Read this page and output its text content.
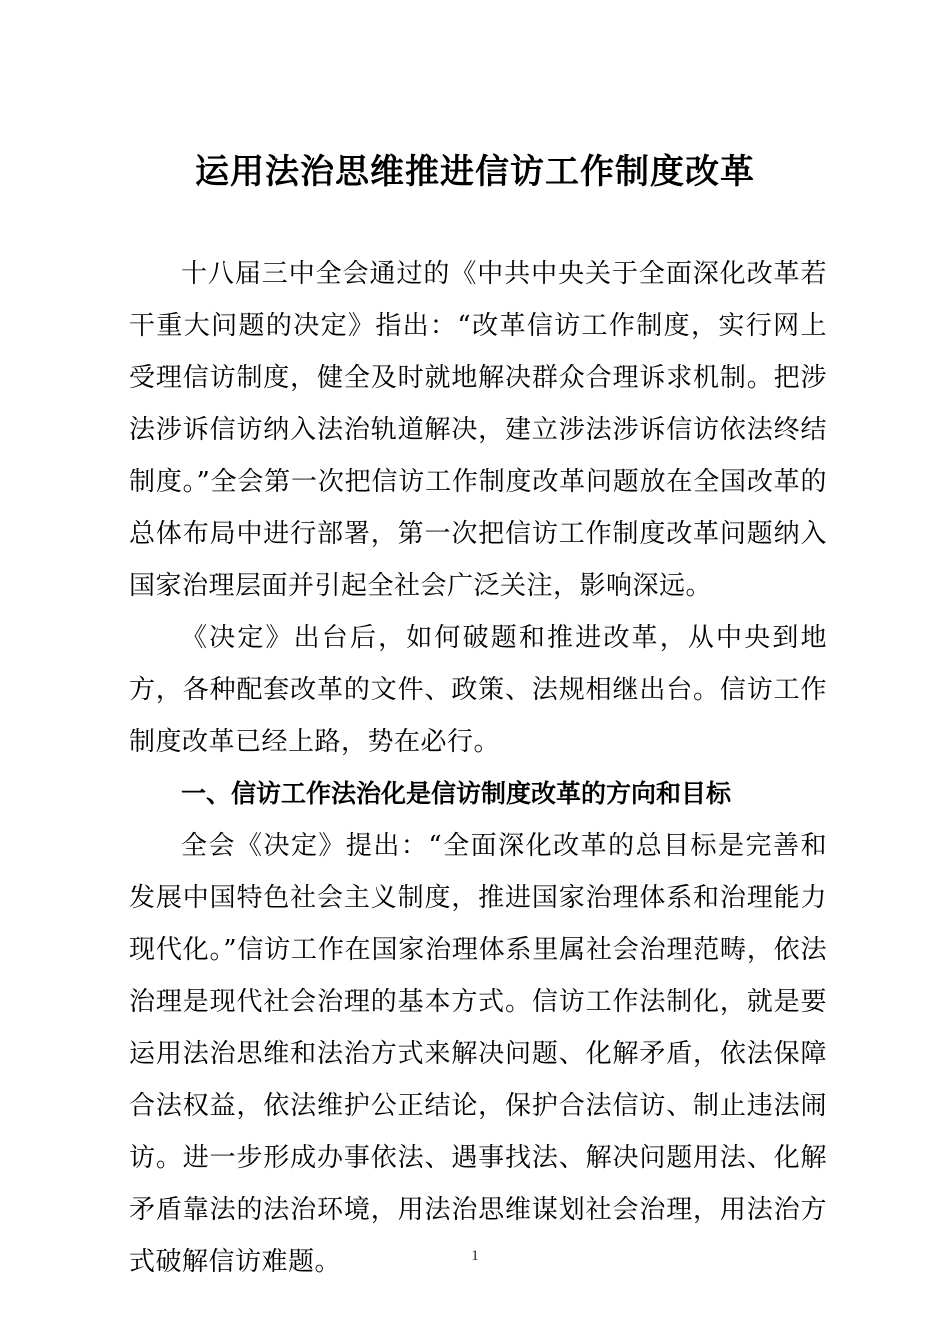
运用法治思维推进信访工作制度改革

十八届三中全会通过的《中共中央关于全面深化改革若干重大问题的决定》指出：“改革信访工作制度，实行网上受理信访制度，健全及时就地解决群众合理诉求机制。把涉法涉诉信访纳入法治轨道解决，建立涉法涉诉信访依法终结制度。”全会第一次把信访工作制度改革问题放在全国改革的总体布局中进行部署，第一次把信访工作制度改革问题纳入国家治理层面并引起全社会广泛关注，影响深远。

《决定》出台后，如何破题和推进改革，从中央到地方，各种配套改革的文件、政策、法规相继出台。信访工作制度改革已经上路，势在必行。

一、信访工作法治化是信访制度改革的方向和目标

全会《决定》提出：“全面深化改革的总目标是完善和发展中国特色社会主义制度，推进国家治理体系和治理能力现代化。”信访工作在国家治理体系里属社会治理范畴，依法治理是现代社会治理的基本方式。信访工作法制化，就是要运用法治思维和法治方式来解决问题、化解矛盾，依法保障合法权益，依法维护公正结论，保护合法信访、制止违法闹访。进一步形成办事依法、遇事找法、解决问题用法、化解矛盾靠法的法治环境，用法治思维谋划社会治理，用法治方式破解信访难题。	1
